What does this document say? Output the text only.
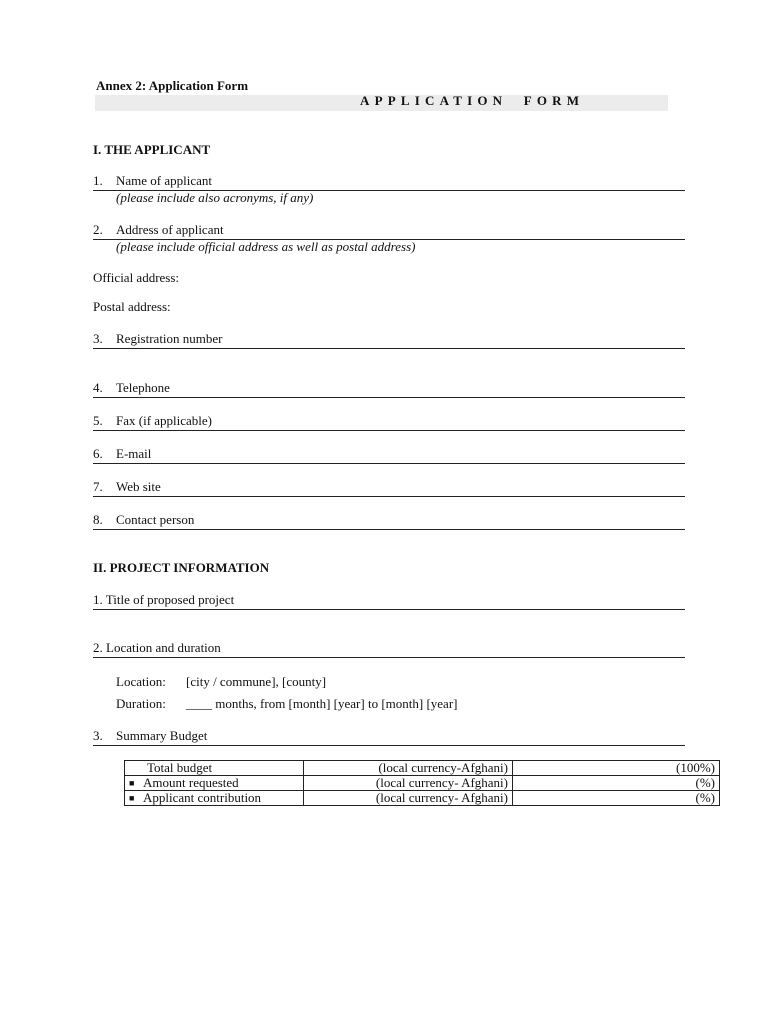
Annex 2: Application Form
APPLICATION FORM
I. THE APPLICANT
1. Name of applicant
(please include also acronyms, if any)
2. Address of applicant
(please include official address as well as postal address)
Official address:
Postal address:
3. Registration number
4. Telephone
5. Fax (if applicable)
6. E-mail
7. Web site
8. Contact person
II. PROJECT INFORMATION
1. Title of proposed project
2. Location and duration
Location: [city / commune], [county]
Duration: ____ months, from [month] [year] to [month] [year]
3. Summary Budget
Total budget	(local currency-Afghani)	(100%)
■ Amount requested	(local currency- Afghani)	(%)
■ Applicant contribution	(local currency- Afghani)	(%)
